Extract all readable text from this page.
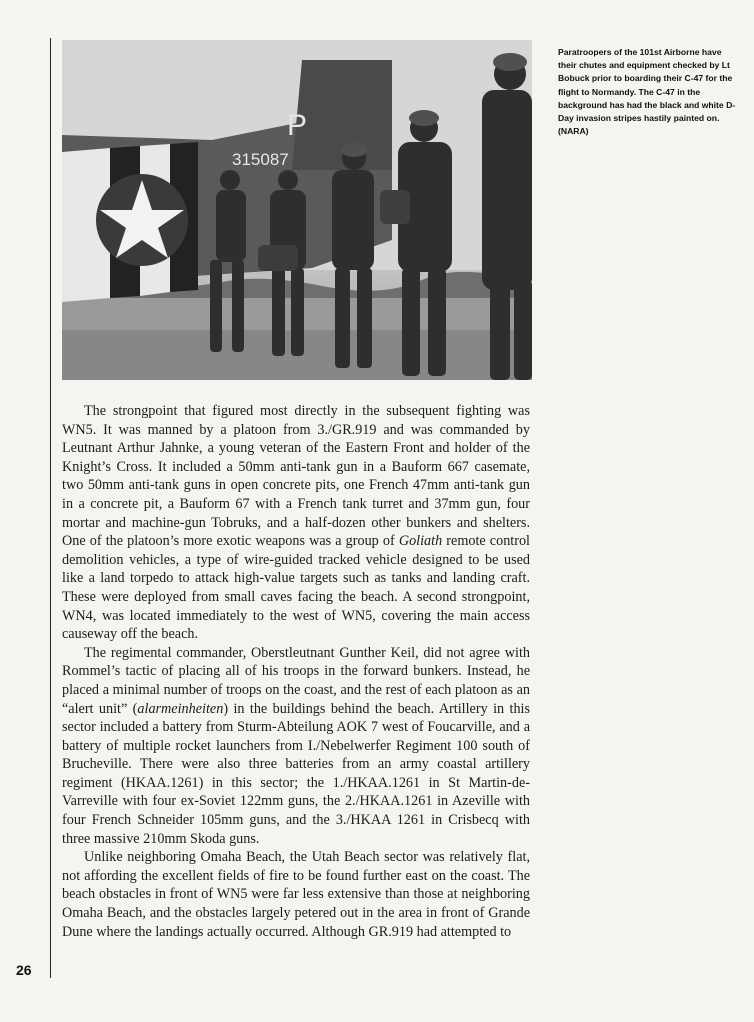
P
315087
Paratroopers of the 101st Airborne have their chutes and equipment checked by Lt Bobuck prior to boarding their C-47 for the flight to Normandy. The C-47 in the background has had the black and white D-Day invasion stripes hastily painted on. (NARA)

The strongpoint that figured most directly in the subsequent fighting was WN5. It was manned by a platoon from 3./GR.919 and was commanded by Leutnant Arthur Jahnke, a young veteran of the Eastern Front and holder of the Knight’s Cross. It included a 50mm anti-tank gun in a Bauform 667 casemate, two 50mm anti-tank guns in open concrete pits, one French 47mm anti-tank gun in a concrete pit, a Bauform 67 with a French tank turret and 37mm gun, four mortar and machine-gun Tobruks, and a half-dozen other bunkers and shelters. One of the platoon’s more exotic weapons was a group of Goliath remote control demolition vehicles, a type of wire-guided tracked vehicle designed to be used like a land torpedo to attack high-value targets such as tanks and landing craft. These were deployed from small caves facing the beach. A second strongpoint, WN4, was located immediately to the west of WN5, covering the main access causeway off the beach.

The regimental commander, Oberstleutnant Gunther Keil, did not agree with Rommel’s tactic of placing all of his troops in the forward bunkers. Instead, he placed a minimal number of troops on the coast, and the rest of each platoon as an “alert unit” (alarmeinheiten) in the buildings behind the beach. Artillery in this sector included a battery from Sturm-Abteilung AOK 7 west of Foucarville, and a battery of multiple rocket launchers from I./Nebelwerfer Regiment 100 south of Brucheville. There were also three batteries from an army coastal artillery regiment (HKAA.1261) in this sector; the 1./HKAA.1261 in St Martin-de-Varreville with four ex-Soviet 122mm guns, the 2./HKAA.1261 in Azeville with four French Schneider 105mm guns, and the 3./HKAA 1261 in Crisbecq with three massive 210mm Skoda guns.

Unlike neighboring Omaha Beach, the Utah Beach sector was relatively flat, not affording the excellent fields of fire to be found further east on the coast. The beach obstacles in front of WN5 were far less extensive than those at neighboring Omaha Beach, and the obstacles largely petered out in the area in front of Grande Dune where the landings actually occurred. Although GR.919 had attempted to

26
